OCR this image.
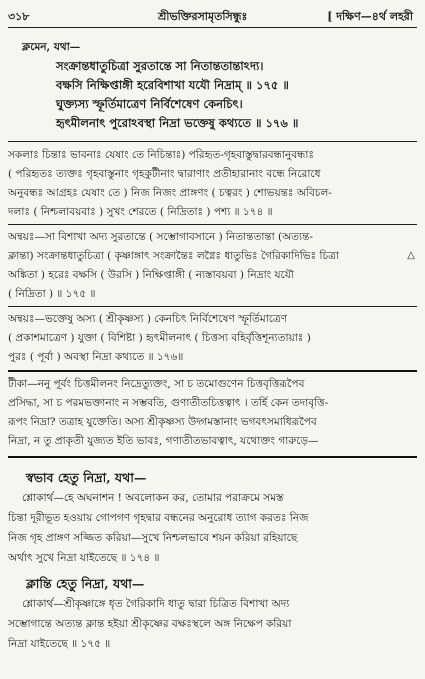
৩১৮	শ্রীভক্তিরসামৃতসিন্ধুঃ	[ দক্ষিণ—৪র্থ লহরী
ক্লমেন, যথা—
সংক্রান্তধাতুচিত্রা সুরতান্তে সা নিতান্ততান্তাঽদ্য।
বক্ষসি নিক্ষিপ্তাঙ্গী হরেবিশাখা যযৌ নিদ্রাম্‌ ॥ ১৭৫ ॥
ঘুক্ত্যস্য স্ফূর্তিমাত্রেণ নির্বিশেষেণ কেনচিৎ।
হৃৎমীলনাৎ পুরোঽবস্থা নিদ্রা ভক্তেষু কথ্যতে ॥ ১৭৬ ॥
সকলাঃ চিন্তাঃ ভাবনাঃ যেষাং তে নিচিন্তাঃ) পরিহৃত-গৃহবাস্তুদ্বারবন্ধানুবন্ধাঃ
( পরিহৃতঃ ত্যক্তঃ গৃহবাস্তুনাং গৃহকুটীনাং দ্বারাণাং প্রতীহারানাং বন্ধে নিরোধে
অনুবন্ধঃ আগ্রহঃ যেষাং তে ) নিজ নিজং প্রাঙ্গণং ( চত্বরং ) শোভয়ন্তঃ অবিচল-
দলাঃ ( নিশ্চলাবয়বাঃ ) সুখং শেরতে ( নিদ্রিতাঃ ) পশ্য ॥ ১৭৪ ॥
অন্বয়ঃ—সা বিশাখা অদ্য সুরতান্তে ( সম্ভোগাবসানে ) নিতান্ততান্তা (অত্যন্ত-
ক্লান্তা) সংক্রান্তধাতুচিত্রা ( কৃষ্ণাঙ্গাৎ সংক্রান্তৈঃ লগ্নৈঃ ধাতুভিঃ গৈরিকাদিভিঃ চিত্রা
অঙ্কিতা ) হরেঃ বক্ষসি ( উরসি ) নিক্ষিপ্তাঙ্গী ( ন্যস্তাবয়বা ) নিদ্রাং যযৌ
( নিদ্রিতা ) ॥ ১৭৫ ॥
△
অন্বয়ঃ—ভক্তেষু অস্য ( শ্রীকৃষ্ণস্য ) কেনচিৎ নির্বিশেষেণ স্ফূর্তিমাত্রেণ
( প্রকাশমাত্রেণ ) যুক্তা ( বিশিষ্টা ) হৃৎমীলনাৎ ( চিত্তস্য বহির্বৃত্তিশূন্যতায়াঃ )
পুরঃ ( পূর্বা ) অবস্থা নিদ্রা কথ্যতে ॥ ১৭৬॥
টীকা—ননু পূর্বং চিত্তমীলনং নিদ্রেত্যুক্তং, সা চ তমোগুণেন চিত্তবৃত্তিরূপৈব
প্রসিদ্ধা, সা চ পরমভক্তানাং ন সম্ভবতি, গুণাতীতচিত্তত্বাৎ । তর্হি কেন তদাবৃত্তি-
রূপং নিদ্রা? তত্রাহ যুক্তেতি। অস্য শ্রীকৃষ্ণস্য উদ্গমস্তানাং ভগবৎসমাধিরূপৈব
নিদ্রা, ন তু প্রাকৃতী যুজ্যত ইতি ভাবঃ, গণাতীতভাবত্বাৎ, যথোক্তং গারুড়ে—
স্বভাব হেতু নিদ্রা, যথা—
শ্লোকার্থ—হে অঘনাশন ! অবলোকন কর, তোমার পরাক্রমে সমস্ত
চিন্তা দূরীভূত হওয়ায় গোপগণ গৃহদ্বার বন্ধনের অনুরোধ ত্যাগ করতঃ নিজ
নিজ গৃহ প্রাঙ্গণ সজ্জিত করিয়া—সুখে নিশ্চলভাবে শয়ন করিয়া রহিয়াছে
অর্থাৎ সুখে নিদ্রা যাইতেছে ॥ ১৭৪ ॥
ক্লান্তি হেতু নিদ্রা, যথা—
শ্লোকার্থ—শ্রীকৃষ্ণাঙ্গে ধৃত গৈরিকাদি ধাতু দ্বারা চিত্রিত বিশাখা অদ্য
সম্ভোগান্তে অত্যন্ত ক্লান্ত হইয়া শ্রীকৃষ্ণের বক্ষঃস্থলে অঙ্গ নিক্ষেপ করিয়া
নিদ্রা যাইতেছে ॥ ১৭৫ ॥
